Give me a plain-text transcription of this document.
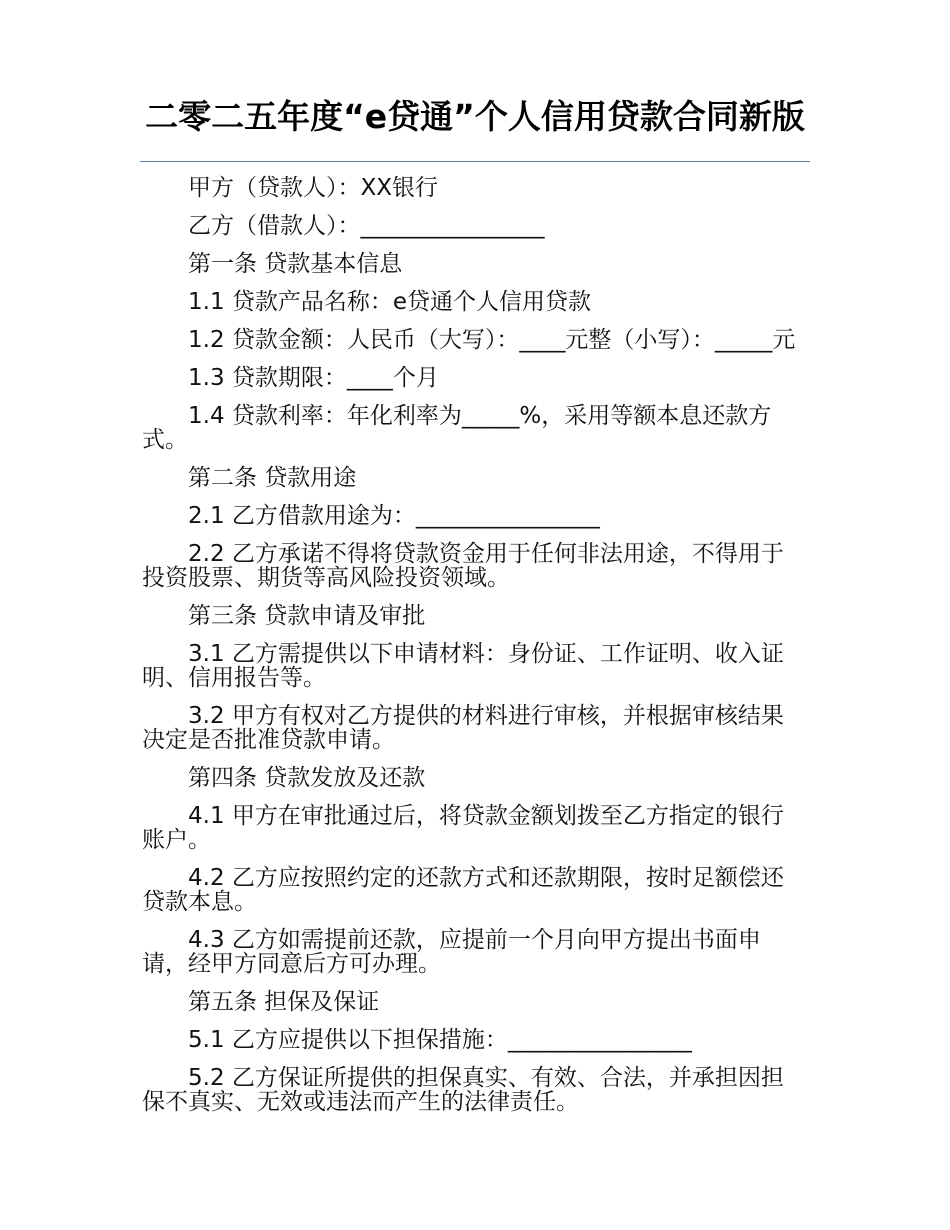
二零二五年度“e贷通”个人信用贷款合同新版

甲方（贷款人）：XX银行

乙方（借款人）：________________

第一条 贷款基本信息

1.1 贷款产品名称：e贷通个人信用贷款

1.2 贷款金额：人民币（大写）：____元整（小写）：_____元

1.3 贷款期限：____个月

1.4 贷款利率：年化利率为_____%，采用等额本息还款方式。

第二条 贷款用途

2.1 乙方借款用途为：________________

2.2 乙方承诺不得将贷款资金用于任何非法用途，不得用于投资股票、期货等高风险投资领域。

第三条 贷款申请及审批

3.1 乙方需提供以下申请材料：身份证、工作证明、收入证明、信用报告等。

3.2 甲方有权对乙方提供的材料进行审核，并根据审核结果决定是否批准贷款申请。

第四条 贷款发放及还款

4.1 甲方在审批通过后，将贷款金额划拨至乙方指定的银行账户。

4.2 乙方应按照约定的还款方式和还款期限，按时足额偿还贷款本息。

4.3 乙方如需提前还款，应提前一个月向甲方提出书面申请，经甲方同意后方可办理。

第五条 担保及保证

5.1 乙方应提供以下担保措施：________________

5.2 乙方保证所提供的担保真实、有效、合法，并承担因担保不真实、无效或违法而产生的法律责任。
